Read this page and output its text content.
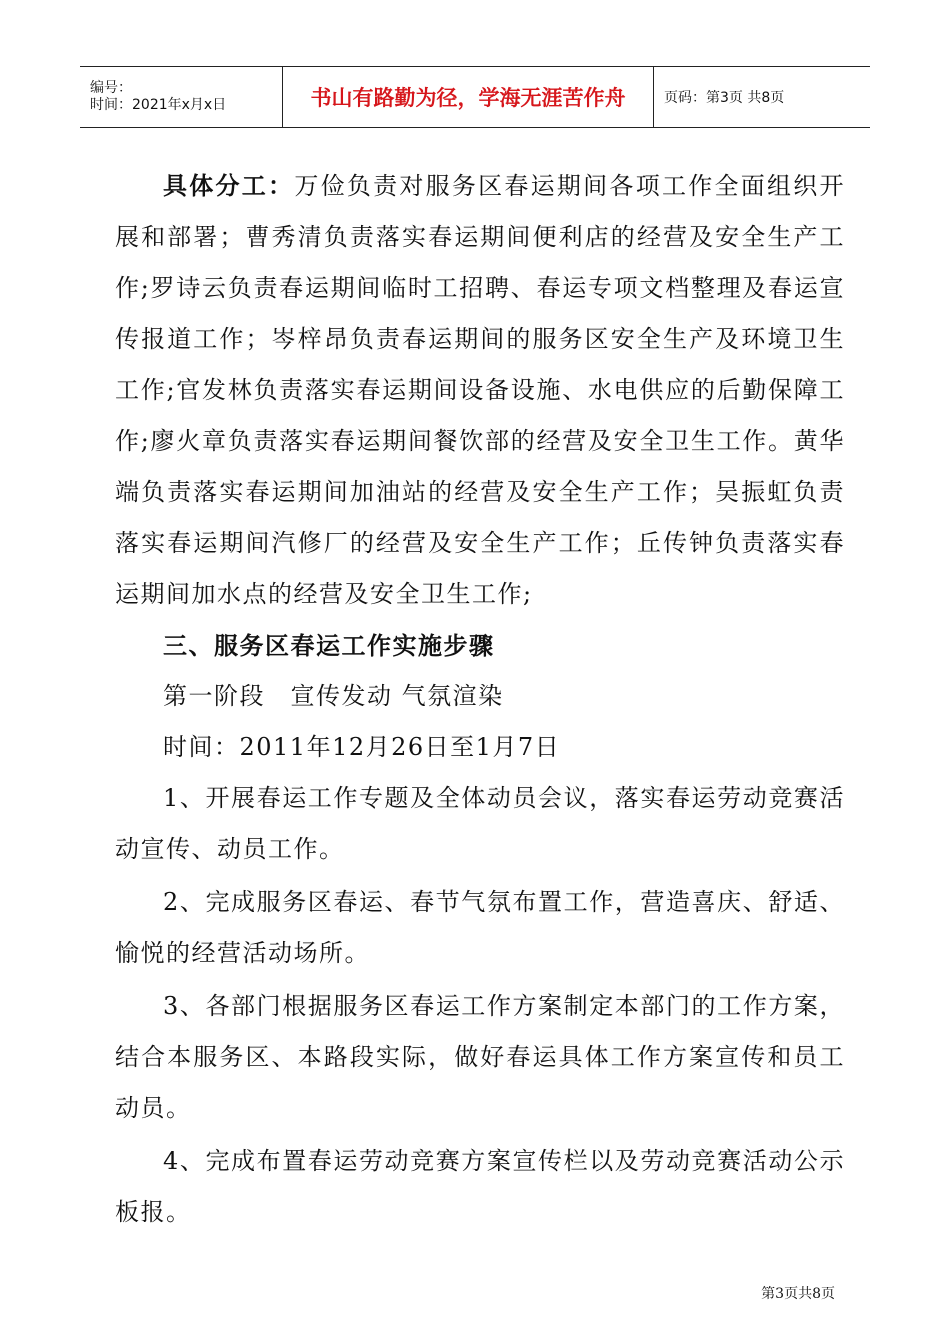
编号：
时间：2021年x月x日	书山有路勤为径，学海无涯苦作舟	页码：第3页 共8页

具体分工：万俭负责对服务区春运期间各项工作全面组织开展和部署；曹秀清负责落实春运期间便利店的经营及安全生产工作;罗诗云负责春运期间临时工招聘、春运专项文档整理及春运宣传报道工作；岑梓昂负责春运期间的服务区安全生产及环境卫生工作;官发林负责落实春运期间设备设施、水电供应的后勤保障工作;廖火章负责落实春运期间餐饮部的经营及安全卫生工作。黄华端负责落实春运期间加油站的经营及安全生产工作；吴振虹负责落实春运期间汽修厂的经营及安全生产工作；丘传钟负责落实春运期间加水点的经营及安全卫生工作;

三、服务区春运工作实施步骤

第一阶段　宣传发动 气氛渲染

时间：2011年12月26日至1月7日

1、开展春运工作专题及全体动员会议，落实春运劳动竞赛活动宣传、动员工作。

2、完成服务区春运、春节气氛布置工作，营造喜庆、舒适、愉悦的经营活动场所。

3、各部门根据服务区春运工作方案制定本部门的工作方案，结合本服务区、本路段实际，做好春运具体工作方案宣传和员工动员。

4、完成布置春运劳动竞赛方案宣传栏以及劳动竞赛活动公示板报。

第3页共8页
